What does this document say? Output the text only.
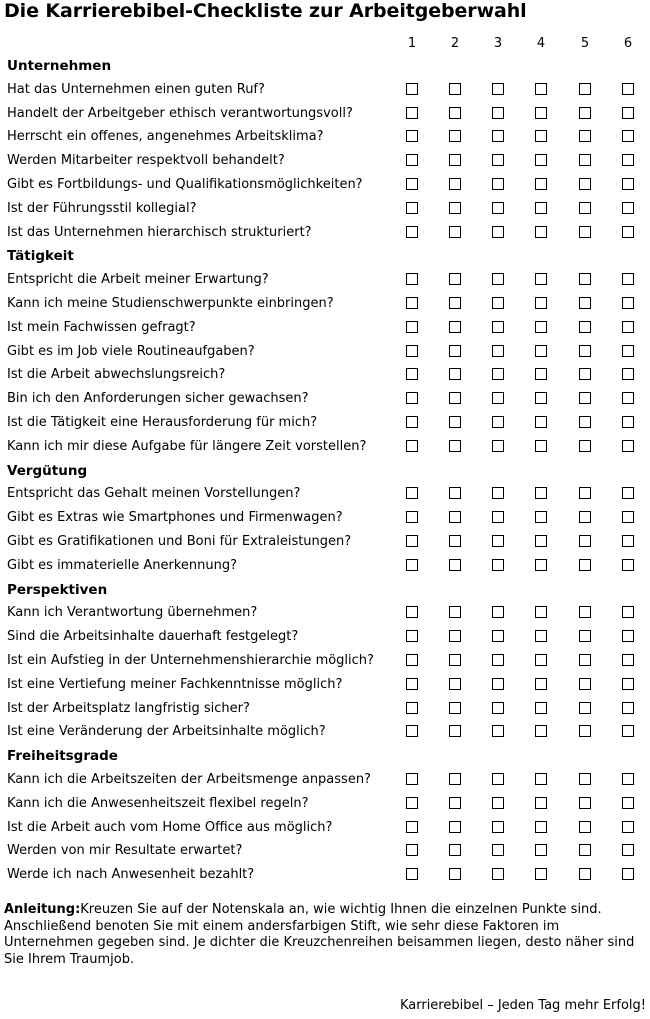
Die Karrierebibel-Checkliste zur Arbeitgeberwahl
1	2	3	4	5	6
Unternehmen
Hat das Unternehmen einen guten Ruf?
Handelt der Arbeitgeber ethisch verantwortungsvoll?
Herrscht ein offenes, angenehmes Arbeitsklima?
Werden Mitarbeiter respektvoll behandelt?
Gibt es Fortbildungs- und Qualifikationsmöglichkeiten?
Ist der Führungsstil kollegial?
Ist das Unternehmen hierarchisch strukturiert?
Tätigkeit
Entspricht die Arbeit meiner Erwartung?
Kann ich meine Studienschwerpunkte einbringen?
Ist mein Fachwissen gefragt?
Gibt es im Job viele Routineaufgaben?
Ist die Arbeit abwechslungsreich?
Bin ich den Anforderungen sicher gewachsen?
Ist die Tätigkeit eine Herausforderung für mich?
Kann ich mir diese Aufgabe für längere Zeit vorstellen?
Vergütung
Entspricht das Gehalt meinen Vorstellungen?
Gibt es Extras wie Smartphones und Firmenwagen?
Gibt es Gratifikationen und Boni für Extraleistungen?
Gibt es immaterielle Anerkennung?
Perspektiven
Kann ich Verantwortung übernehmen?
Sind die Arbeitsinhalte dauerhaft festgelegt?
Ist ein Aufstieg in der Unternehmenshierarchie möglich?
Ist eine Vertiefung meiner Fachkenntnisse möglich?
Ist der Arbeitsplatz langfristig sicher?
Ist eine Veränderung der Arbeitsinhalte möglich?
Freiheitsgrade
Kann ich die Arbeitszeiten der Arbeitsmenge anpassen?
Kann ich die Anwesenheitszeit flexibel regeln?
Ist die Arbeit auch vom Home Office aus möglich?
Werden von mir Resultate erwartet?
Werde ich nach Anwesenheit bezahlt?
Anleitung:Kreuzen Sie auf der Notenskala an, wie wichtig Ihnen die einzelnen Punkte sind. Anschließend benoten Sie mit einem andersfarbigen Stift, wie sehr diese Faktoren im Unternehmen gegeben sind. Je dichter die Kreuzchenreihen beisammen liegen, desto näher sind Sie Ihrem Traumjob.
Karrierebibel – Jeden Tag mehr Erfolg!
